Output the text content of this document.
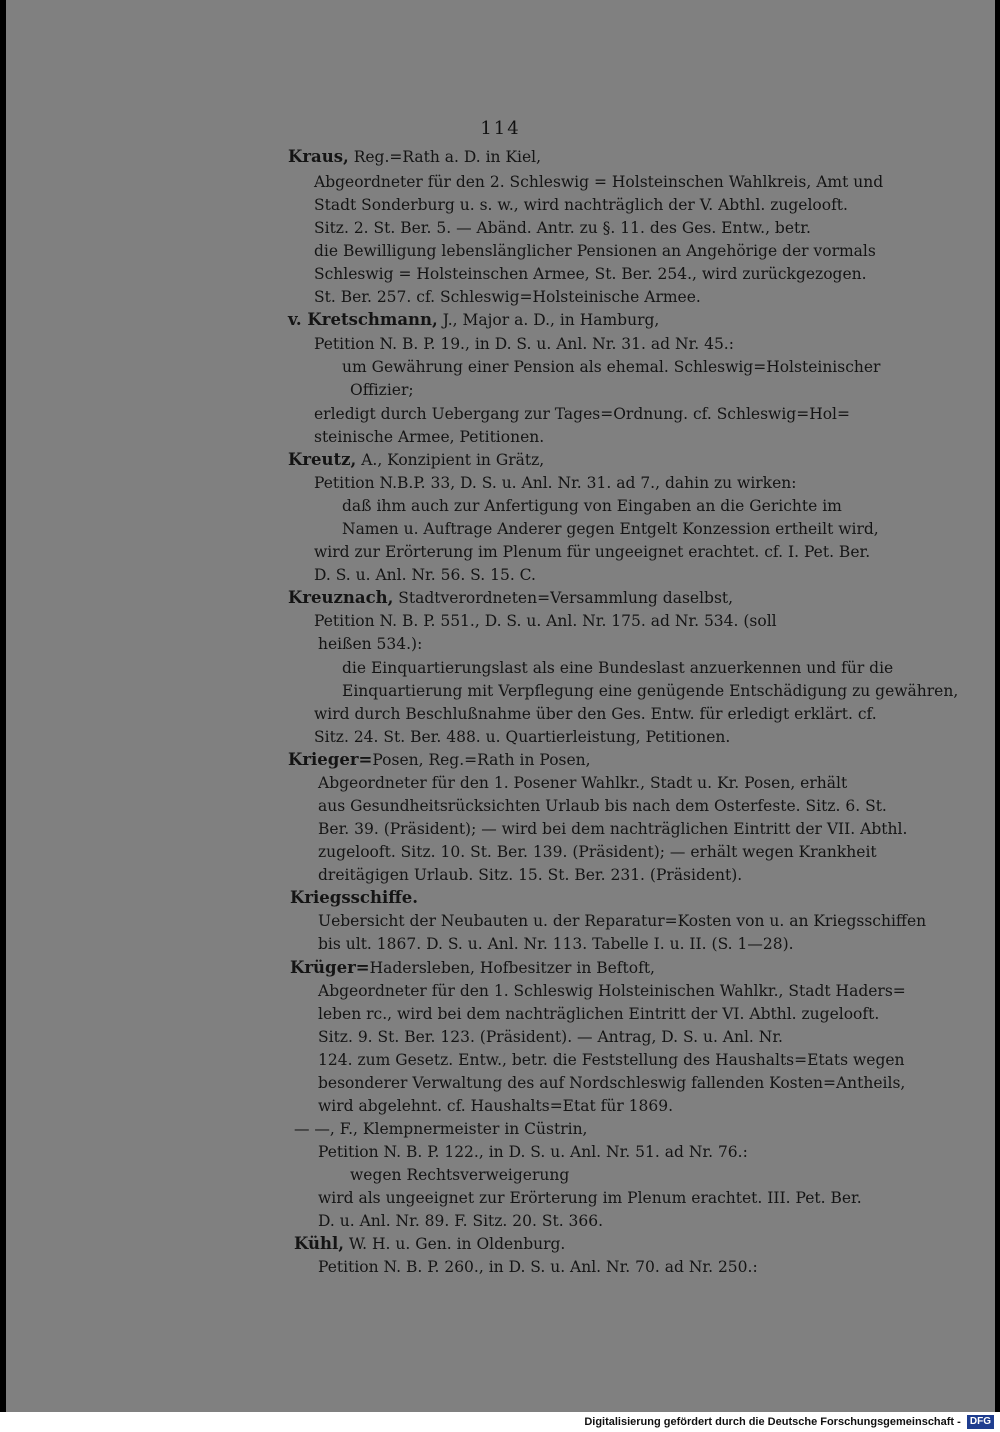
114
Kraus, Reg.=Rath a. D. in Kiel,
Abgeordneter für den 2. Schleswig = Holsteinschen Wahlkreis, Amt und
Stadt Sonderburg u. s. w., wird nachträglich der V. Abthl. zugelooft.
Sitz. 2. St. Ber. 5. — Abänd. Antr. zu §. 11. des Ges. Entw., betr.
die Bewilligung lebenslänglicher Pensionen an Angehörige der vormals
Schleswig = Holsteinschen Armee, St. Ber. 254., wird zurückgezogen.
St. Ber. 257. cf. Schleswig=Holsteinische Armee.
v. Kretschmann, J., Major a. D., in Hamburg,
Petition N. B. P. 19., in D. S. u. Anl. Nr. 31. ad Nr. 45.:
um Gewährung einer Pension als ehemal. Schleswig=Holsteinischer
Offizier;
erledigt durch Uebergang zur Tages=Ordnung. cf. Schleswig=Hol=
steinische Armee, Petitionen.
Kreutz, A., Konzipient in Grätz,
Petition N.B.P. 33, D. S. u. Anl. Nr. 31. ad 7., dahin zu wirken:
daß ihm auch zur Anfertigung von Eingaben an die Gerichte im
Namen u. Auftrage Anderer gegen Entgelt Konzession ertheilt wird,
wird zur Erörterung im Plenum für ungeeignet erachtet. cf. I. Pet. Ber.
D. S. u. Anl. Nr. 56. S. 15. C.
Kreuznach, Stadtverordneten=Versammlung daselbst,
Petition N. B. P. 551., D. S. u. Anl. Nr. 175. ad Nr. 534. (soll
heißen 534.):
die Einquartierungslast als eine Bundeslast anzuerkennen und für die
Einquartierung mit Verpflegung eine genügende Entschädigung zu gewähren,
wird durch Beschlußnahme über den Ges. Entw. für erledigt erklärt. cf.
Sitz. 24. St. Ber. 488. u. Quartierleistung, Petitionen.
Krieger=Posen, Reg.=Rath in Posen,
Abgeordneter für den 1. Posener Wahlkr., Stadt u. Kr. Posen, erhält
aus Gesundheitsrücksichten Urlaub bis nach dem Osterfeste. Sitz. 6. St.
Ber. 39. (Präsident); — wird bei dem nachträglichen Eintritt der VII. Abthl.
zugelooft. Sitz. 10. St. Ber. 139. (Präsident); — erhält wegen Krankheit
dreitägigen Urlaub. Sitz. 15. St. Ber. 231. (Präsident).
Kriegsschiffe.
Uebersicht der Neubauten u. der Reparatur=Kosten von u. an Kriegsschiffen
bis ult. 1867. D. S. u. Anl. Nr. 113. Tabelle I. u. II. (S. 1—28).
Krüger=Hadersleben, Hofbesitzer in Beftoft,
Abgeordneter für den 1. Schleswig Holsteinischen Wahlkr., Stadt Haders=
leben rc., wird bei dem nachträglichen Eintritt der VI. Abthl. zugelooft.
Sitz. 9. St. Ber. 123. (Präsident). — Antrag, D. S. u. Anl. Nr.
124. zum Gesetz. Entw., betr. die Feststellung des Haushalts=Etats wegen
besonderer Verwaltung des auf Nordschleswig fallenden Kosten=Antheils,
wird abgelehnt. cf. Haushalts=Etat für 1869.
— —, F., Klempnermeister in Cüstrin,
Petition N. B. P. 122., in D. S. u. Anl. Nr. 51. ad Nr. 76.:
wegen Rechtsverweigerung
wird als ungeeignet zur Erörterung im Plenum erachtet. III. Pet. Ber.
D. u. Anl. Nr. 89. F. Sitz. 20. St. 366.
Kühl, W. H. u. Gen. in Oldenburg.
Petition N. B. P. 260., in D. S. u. Anl. Nr. 70. ad Nr. 250.:
Digitalisierung gefördert durch die Deutsche Forschungsgemeinschaft - DFG
